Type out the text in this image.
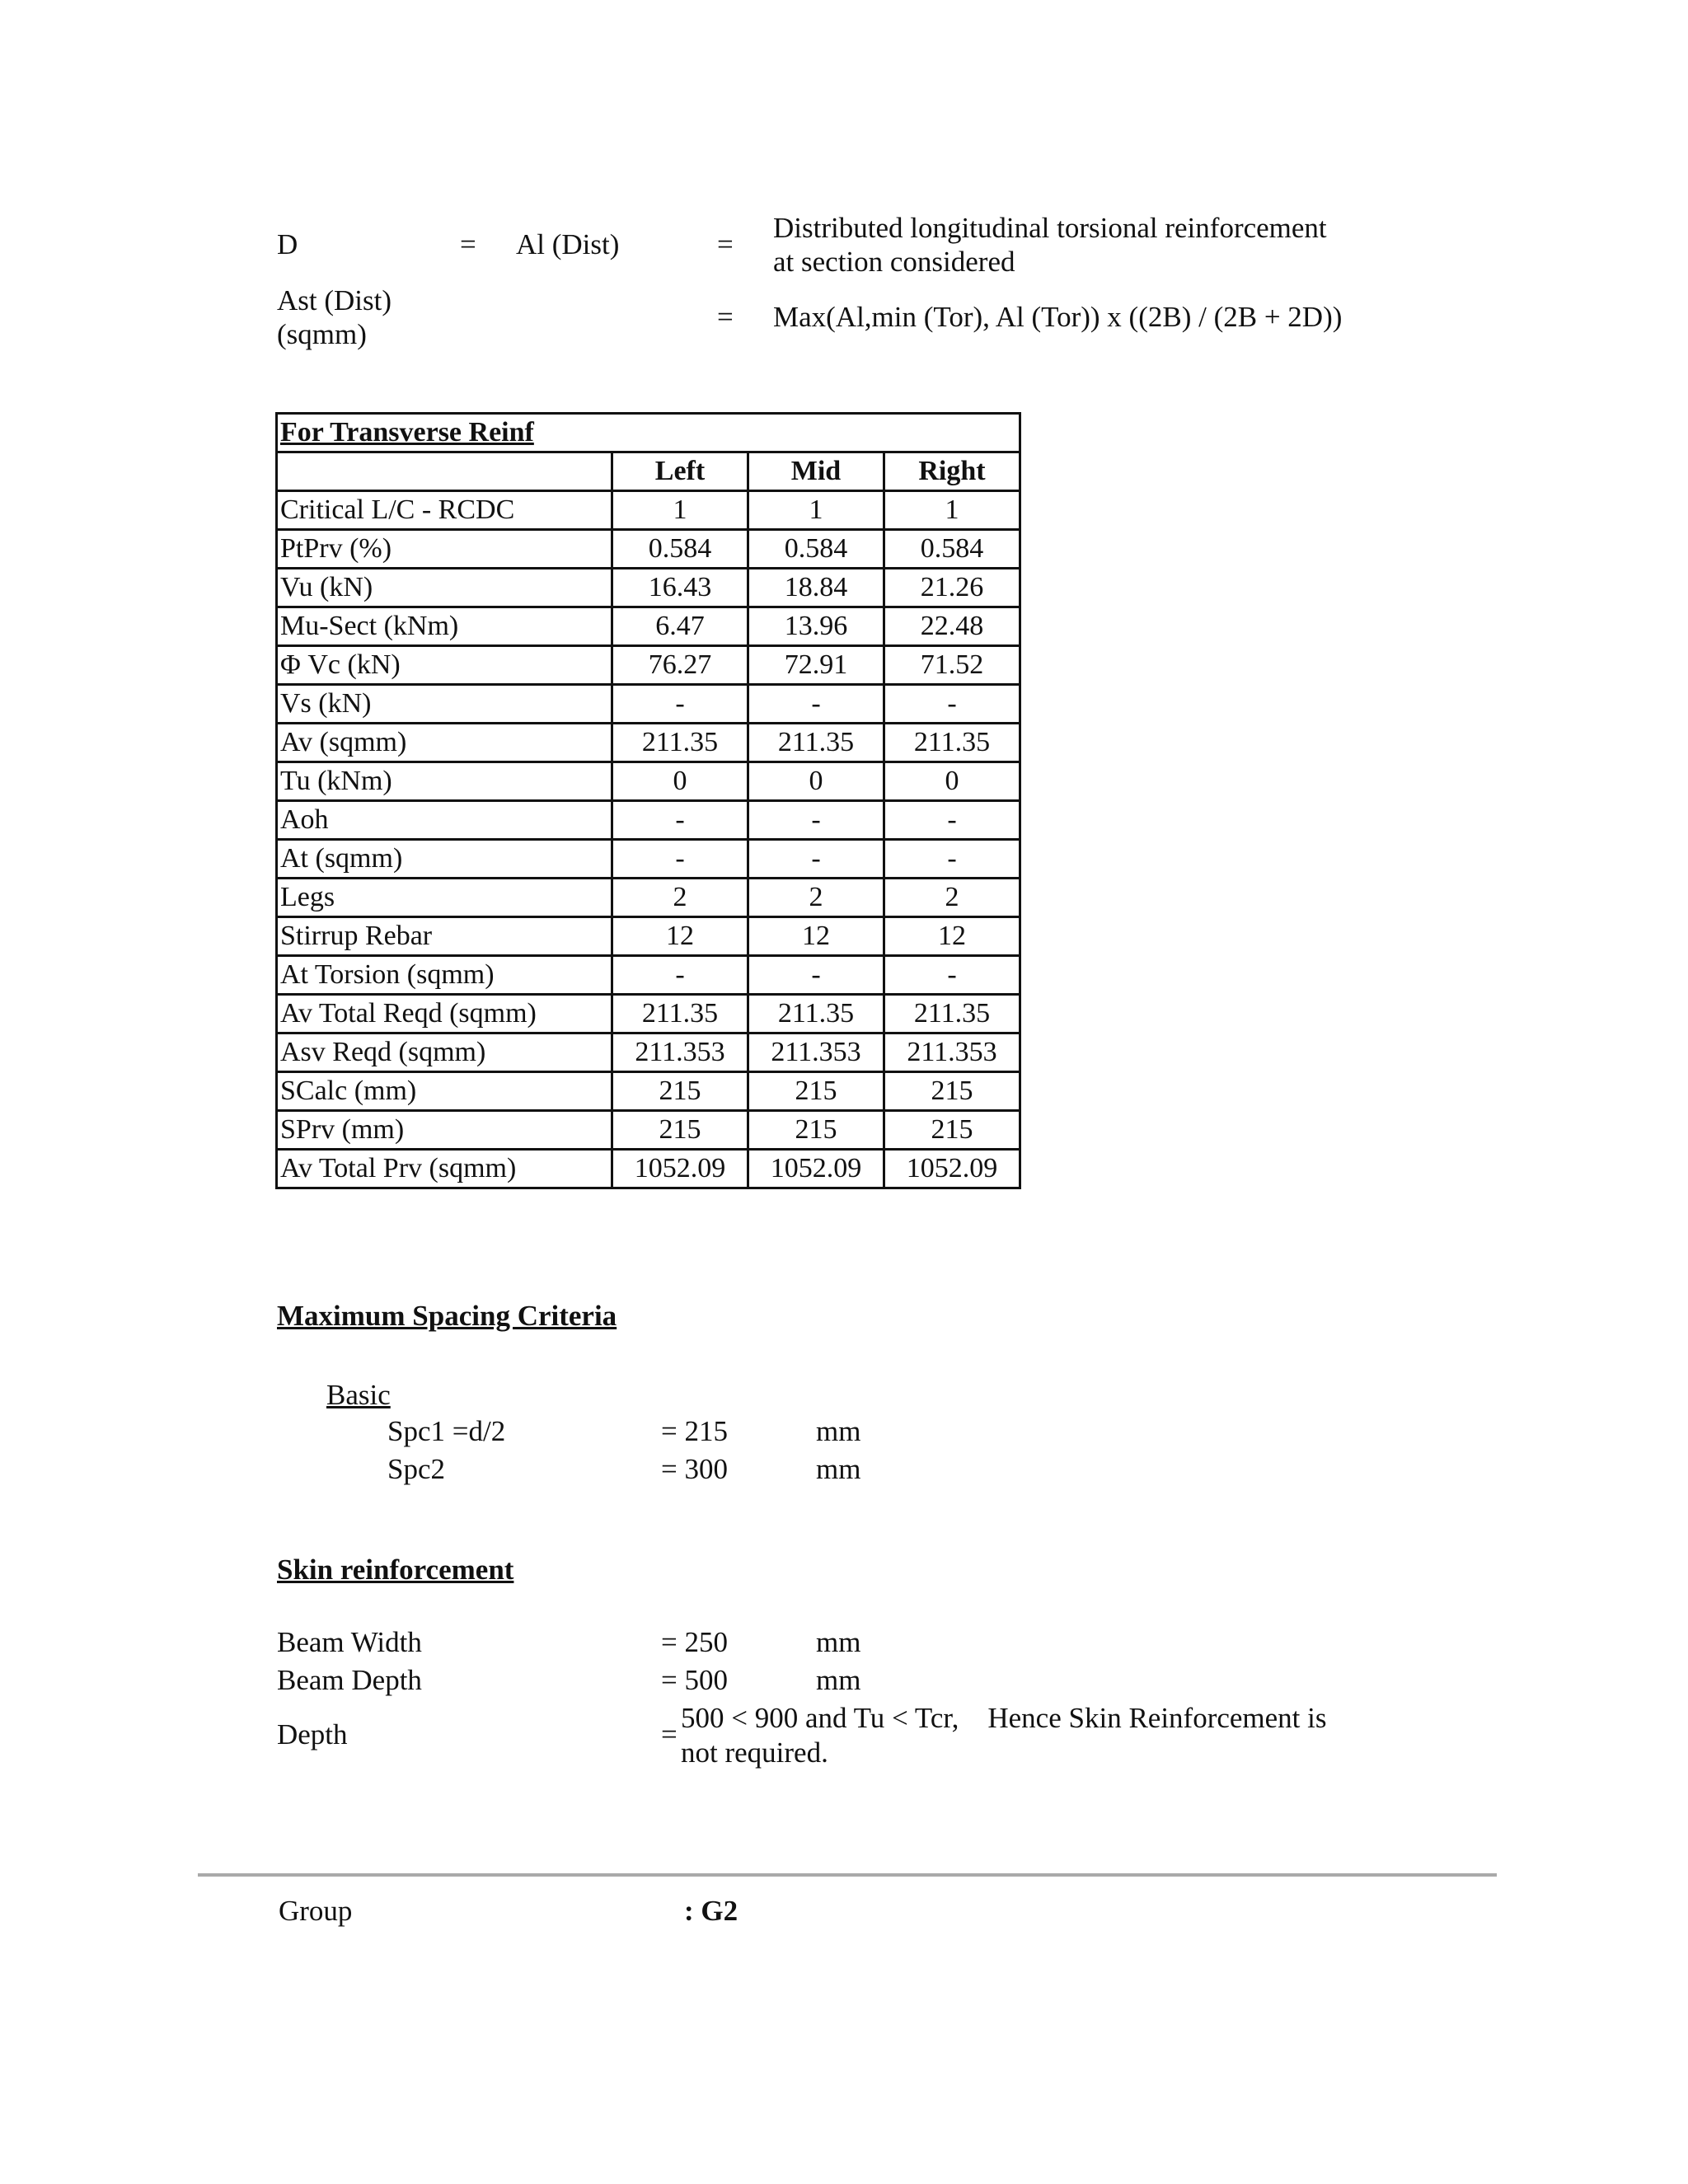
D	= Al (Dist)	=
Distributed longitudinal torsional reinforcement
at section considered
Ast (Dist)
(sqmm)
= Max(Al,min (Tor), Al (Tor)) x ((2B) / (2B + 2D))
For Transverse Reinf			
	Left	Mid	Right
Critical L/C - RCDC	1	1	1
PtPrv (%)	0.584	0.584	0.584
Vu (kN)	16.43	18.84	21.26
Mu-Sect (kNm)	6.47	13.96	22.48
Φ Vc (kN)	76.27	72.91	71.52
Vs (kN)	-	-	-
Av (sqmm)	211.35	211.35	211.35
Tu (kNm)	0	0	0
Aoh	-	-	-
At (sqmm)	-	-	-
Legs	2	2	2
Stirrup Rebar	12	12	12
At Torsion (sqmm)	-	-	-
Av Total Reqd (sqmm)	211.35	211.35	211.35
Asv Reqd (sqmm)	211.353	211.353	211.353
SCalc (mm)	215	215	215
SPrv (mm)	215	215	215
Av Total Prv (sqmm)	1052.09	1052.09	1052.09
Maximum Spacing Criteria
Basic
Spc1 =d/2	= 215	mm
Spc2	= 300	mm
Skin reinforcement
Beam Width	= 250	mm
Beam Depth	= 500	mm
Depth	=
500 < 900 and Tu < Tcr,    Hence Skin Reinforcement is
not required.
Group	: G2
